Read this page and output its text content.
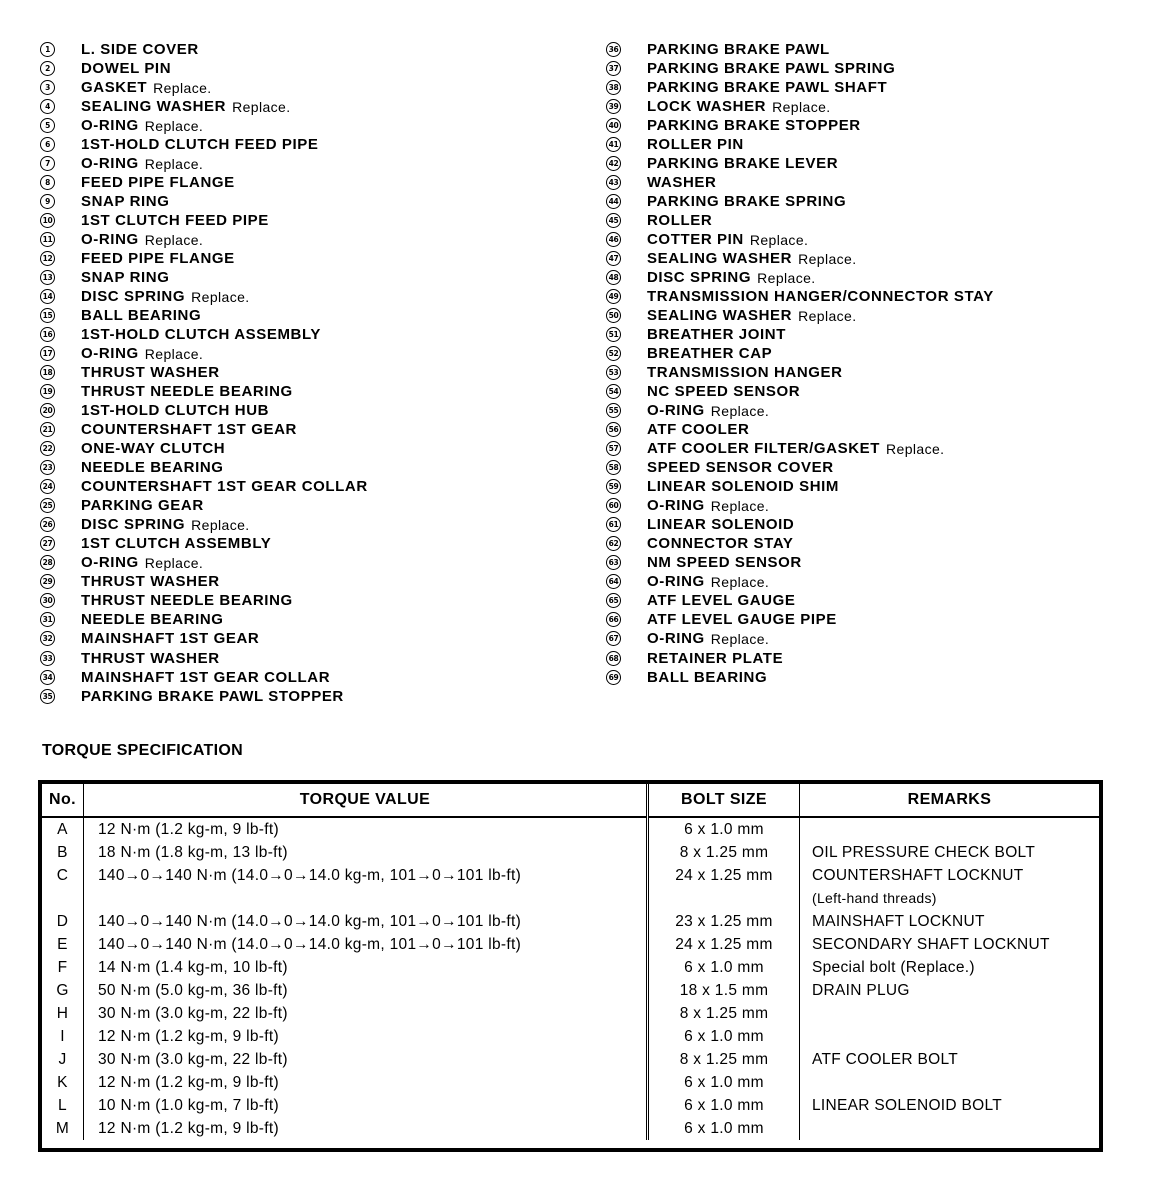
1	L. SIDE COVER
2	DOWEL PIN
3	GASKET Replace.
4	SEALING WASHER Replace.
5	O-RING Replace.
6	1ST-HOLD CLUTCH FEED PIPE
7	O-RING Replace.
8	FEED PIPE FLANGE
9	SNAP RING
10 1ST CLUTCH FEED PIPE
11 O-RING Replace.
12 FEED PIPE FLANGE
13 SNAP RING
14 DISC SPRING Replace.
15 BALL BEARING
16 1ST-HOLD CLUTCH ASSEMBLY
17 O-RING Replace.
18 THRUST WASHER
19 THRUST NEEDLE BEARING
20 1ST-HOLD CLUTCH HUB
21 COUNTERSHAFT 1ST GEAR
22 ONE-WAY CLUTCH
23 NEEDLE BEARING
24 COUNTERSHAFT 1ST GEAR COLLAR
25 PARKING GEAR
26 DISC SPRING Replace.
27 1ST CLUTCH ASSEMBLY
28 O-RING Replace.
29 THRUST WASHER
30 THRUST NEEDLE BEARING
31 NEEDLE BEARING
32 MAINSHAFT 1ST GEAR
33 THRUST WASHER
34 MAINSHAFT 1ST GEAR COLLAR
35 PARKING BRAKE PAWL STOPPER
36 PARKING BRAKE PAWL
37 PARKING BRAKE PAWL SPRING
38 PARKING BRAKE PAWL SHAFT
39 LOCK WASHER Replace.
40 PARKING BRAKE STOPPER
41 ROLLER PIN
42 PARKING BRAKE LEVER
43 WASHER
44 PARKING BRAKE SPRING
45 ROLLER
46 COTTER PIN Replace.
47 SEALING WASHER Replace.
48 DISC SPRING Replace.
49 TRANSMISSION HANGER/CONNECTOR STAY
50 SEALING WASHER Replace.
51 BREATHER JOINT
52 BREATHER CAP
53 TRANSMISSION HANGER
54 NC SPEED SENSOR
55 O-RING Replace.
56 ATF COOLER
57 ATF COOLER FILTER/GASKET Replace.
58 SPEED SENSOR COVER
59 LINEAR SOLENOID SHIM
60 O-RING Replace.
61 LINEAR SOLENOID
62 CONNECTOR STAY
63 NM SPEED SENSOR
64 O-RING Replace.
65 ATF LEVEL GAUGE
66 ATF LEVEL GAUGE PIPE
67 O-RING Replace.
68 RETAINER PLATE
69 BALL BEARING
TORQUE SPECIFICATION
No.	TORQUE VALUE	BOLT SIZE	REMARKS
A	12 N·m (1.2 kg-m, 9 lb-ft)	6 x 1.0 mm	
B	18 N·m (1.8 kg-m, 13 lb-ft)	8 x 1.25 mm	OIL PRESSURE CHECK BOLT
C	140→0→140 N·m (14.0→0→14.0 kg-m, 101→0→101 lb-ft)	24 x 1.25 mm	COUNTERSHAFT LOCKNUT
(Left-hand threads)

D	140→0→140 N·m (14.0→0→14.0 kg-m, 101→0→101 lb-ft)	23 x 1.25 mm	MAINSHAFT LOCKNUT
E	140→0→140 N·m (14.0→0→14.0 kg-m, 101→0→101 lb-ft)	24 x 1.25 mm	SECONDARY SHAFT LOCKNUT
F	14 N·m (1.4 kg-m, 10 lb-ft)	6 x 1.0 mm	Special bolt (Replace.)
G	50 N·m (5.0 kg-m, 36 lb-ft)	18 x 1.5 mm	DRAIN PLUG
H	30 N·m (3.0 kg-m, 22 lb-ft)	8 x 1.25 mm	
I	12 N·m (1.2 kg-m, 9 lb-ft)	6 x 1.0 mm	
J	30 N·m (3.0 kg-m, 22 lb-ft)	8 x 1.25 mm	ATF COOLER BOLT
K	12 N·m (1.2 kg-m, 9 lb-ft)	6 x 1.0 mm	
L	10 N·m (1.0 kg-m, 7 lb-ft)	6 x 1.0 mm	LINEAR SOLENOID BOLT
M	12 N·m (1.2 kg-m, 9 lb-ft)	6 x 1.0 mm	
